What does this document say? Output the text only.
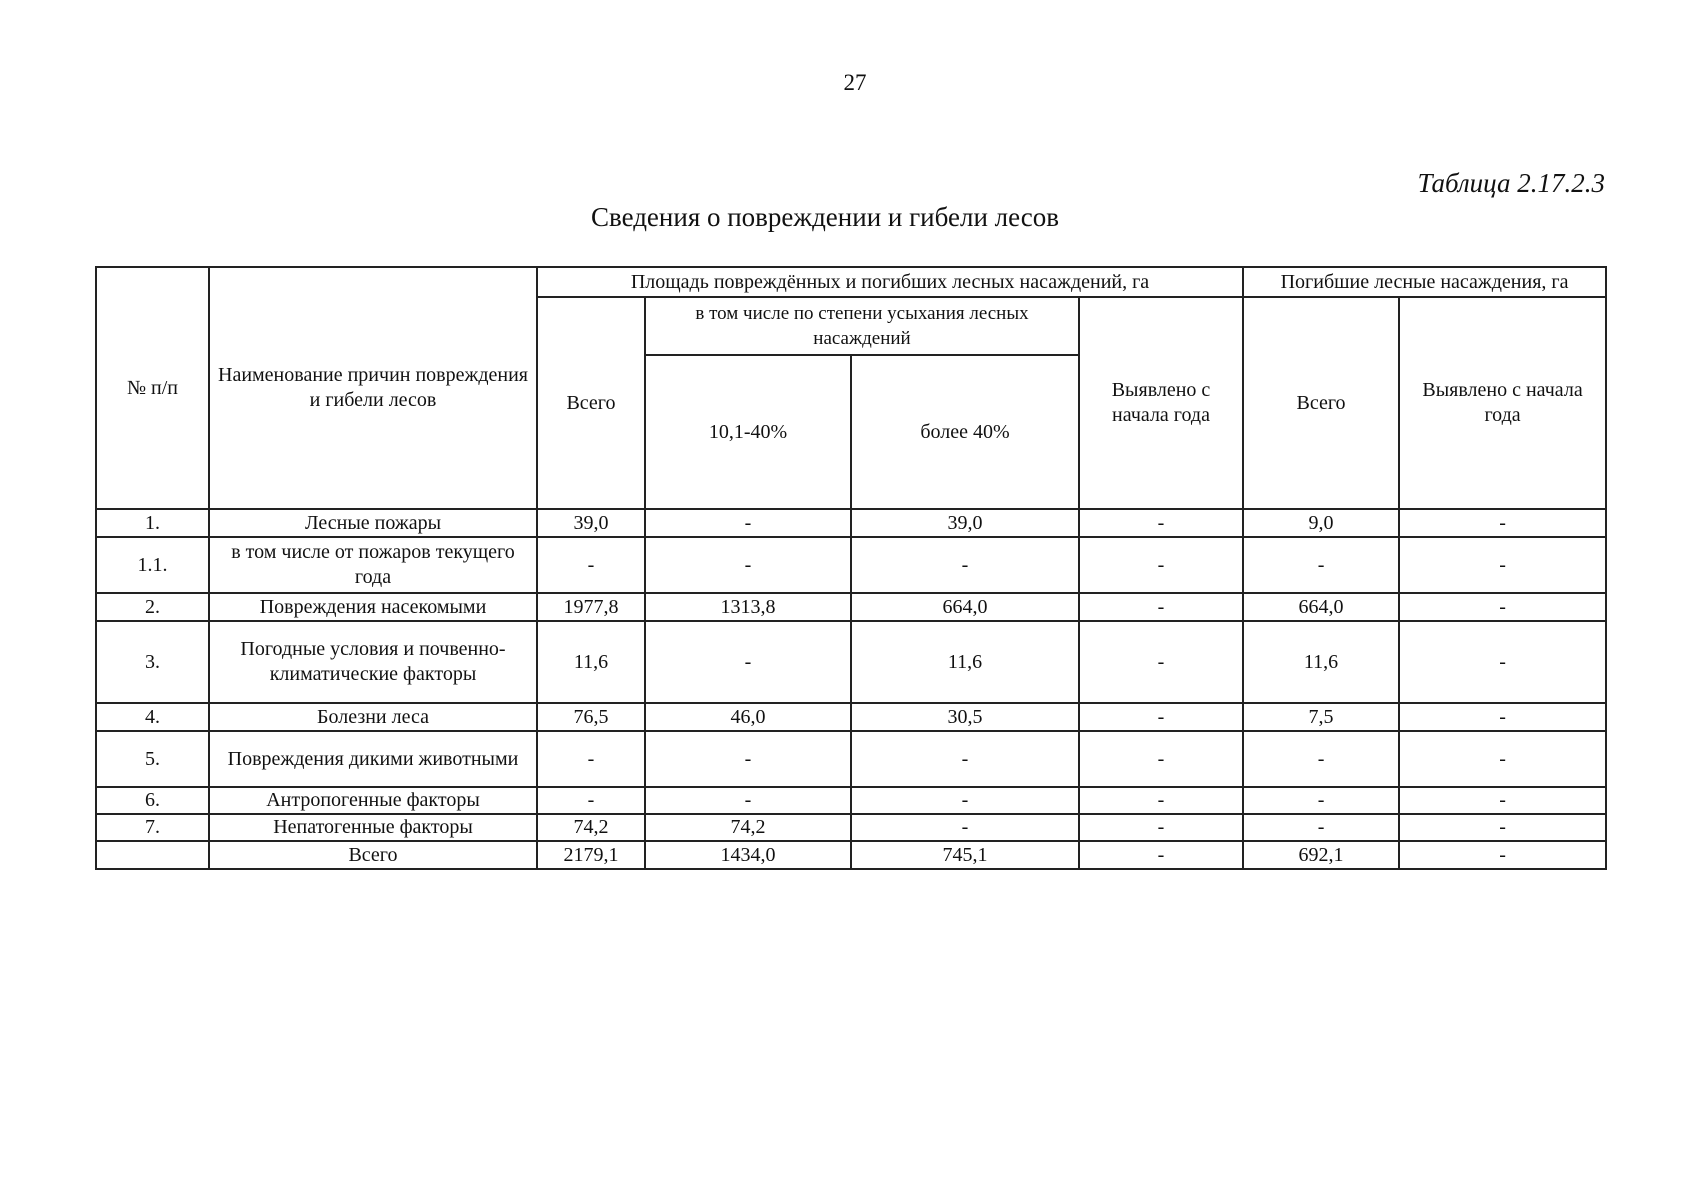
27
Таблица 2.17.2.3
Сведения о повреждении и гибели лесов
№ п/п	Наименование причин повреждения и гибели лесов	Площадь повреждённых и погибших лесных насаждений, га				Погибшие лесные насаждения, га	
		Всего	в том числе по степени усыхания лесных насаждений		Выявлено с начала года	Всего	Выявлено с начала года
			10,1-40%	более 40%			
1.	Лесные пожары	39,0	-	39,0	-	9,0	-
1.1.	в том числе от пожаров текущего года	-	-	-	-	-	-
2.	Повреждения насекомыми	1977,8	1313,8	664,0	-	664,0	-
3.	Погодные условия и почвенно-климатические факторы	11,6	-	11,6	-	11,6	-
4.	Болезни леса	76,5	46,0	30,5	-	7,5	-
5.	Повреждения дикими животными	-	-	-	-	-	-
6.	Антропогенные факторы	-	-	-	-	-	-
7.	Непатогенные факторы	74,2	74,2	-	-	-	-
	Всего	2179,1	1434,0	745,1	-	692,1	-
